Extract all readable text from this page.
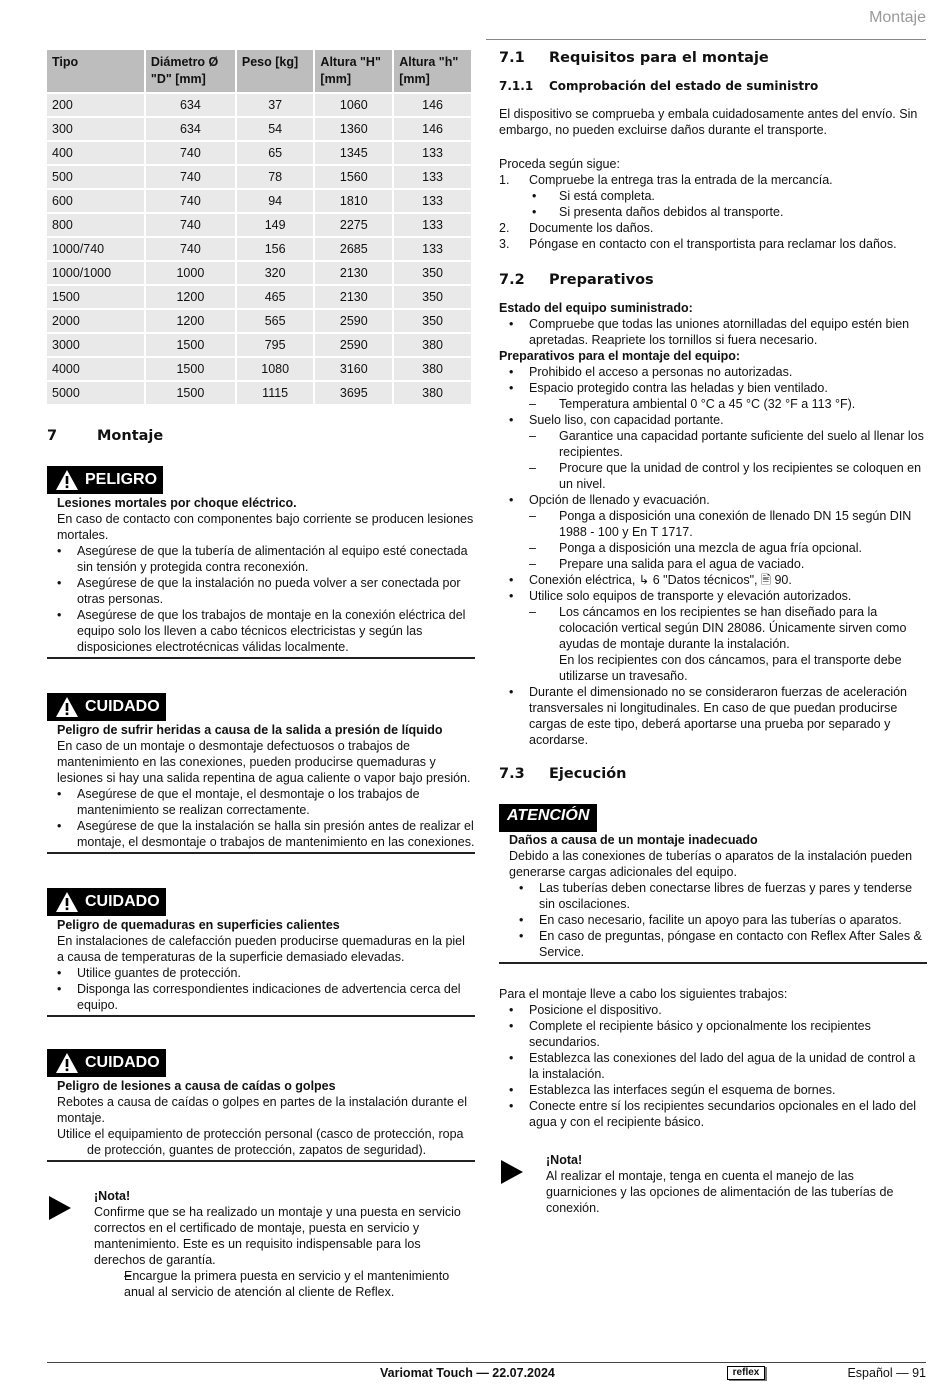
Montaje
Tipo	Diámetro Ø "D" [mm]	Peso [kg]	Altura "H" [mm]	Altura "h" [mm]
200	634	37	1060	146
300	634	54	1360	146
400	740	65	1345	133
500	740	78	1560	133
600	740	94	1810	133
800	740	149	2275	133
1000/740	740	156	2685	133
1000/1000	1000	320	2130	350
1500	1200	465	2130	350
2000	1200	565	2590	350
3000	1500	795	2590	380
4000	1500	1080	3160	380
5000	1500	1115	3695	380
7	Montaje
PELIGRO
Lesiones mortales por choque eléctrico.
En caso de contacto con componentes bajo corriente se producen lesiones mortales.
• Asegúrese de que la tubería de alimentación al equipo esté conectada sin tensión y protegida contra reconexión.
• Asegúrese de que la instalación no pueda volver a ser conectada por otras personas.
• Asegúrese de que los trabajos de montaje en la conexión eléctrica del equipo solo los lleven a cabo técnicos electricistas y según las disposiciones electrotécnicas válidas localmente.
CUIDADO
Peligro de sufrir heridas a causa de la salida a presión de líquido
En caso de un montaje o desmontaje defectuosos o trabajos de mantenimiento en las conexiones, pueden producirse quemaduras y lesiones si hay una salida repentina de agua caliente o vapor bajo presión.
• Asegúrese de que el montaje, el desmontaje o los trabajos de mantenimiento se realizan correctamente.
• Asegúrese de que la instalación se halla sin presión antes de realizar el montaje, el desmontaje o trabajos de mantenimiento en las conexiones.
CUIDADO
Peligro de quemaduras en superficies calientes
En instalaciones de calefacción pueden producirse quemaduras en la piel a causa de temperaturas de la superficie demasiado elevadas.
• Utilice guantes de protección.
• Disponga las correspondientes indicaciones de advertencia cerca del equipo.
CUIDADO
Peligro de lesiones a causa de caídas o golpes
Rebotes a causa de caídas o golpes en partes de la instalación durante el montaje.
Utilice el equipamiento de protección personal (casco de protección, ropa de protección, guantes de protección, zapatos de seguridad).
¡Nota!
Confirme que se ha realizado un montaje y una puesta en servicio correctos en el certificado de montaje, puesta en servicio y mantenimiento. Este es un requisito indispensable para los derechos de garantía.
– Encargue la primera puesta en servicio y el mantenimiento anual al servicio de atención al cliente de Reflex.
7.1	Requisitos para el montaje
7.1.1	Comprobación del estado de suministro

El dispositivo se comprueba y embala cuidadosamente antes del envío. Sin embargo, no pueden excluirse daños durante el transporte.

Proceda según sigue:

1. Compruebe la entrega tras la entrada de la mercancía.
• Si está completa.
• Si presenta daños debidos al transporte.
2. Documente los daños.
3. Póngase en contacto con el transportista para reclamar los daños.
7.2	Preparativos
Estado del equipo suministrado:
• Compruebe que todas las uniones atornilladas del equipo estén bien apretadas. Reapriete los tornillos si fuera necesario.
Preparativos para el montaje del equipo:
• Prohibido el acceso a personas no autorizadas.
• Espacio protegido contra las heladas y bien ventilado.
– Temperatura ambiental 0 °C a 45 °C (32 °F a 113 °F).
• Suelo liso, con capacidad portante.
– Garantice una capacidad portante suficiente del suelo al llenar los recipientes.
– Procure que la unidad de control y los recipientes se coloquen en un nivel.
• Opción de llenado y evacuación.
– Ponga a disposición una conexión de llenado DN 15 según DIN 1988 - 100 y En T 1717.
– Ponga a disposición una mezcla de agua fría opcional.
– Prepare una salida para el agua de vaciado.
• Conexión eléctrica, ↳ 6 "Datos técnicos", 🖹 90.
• Utilice solo equipos de transporte y elevación autorizados.
– Los cáncamos en los recipientes se han diseñado para la colocación vertical según DIN 28086. Únicamente sirven como ayudas de montaje durante la instalación.
En los recipientes con dos cáncamos, para el transporte debe utilizarse un travesaño.
• Durante el dimensionado no se consideraron fuerzas de aceleración transversales ni longitudinales. En caso de que puedan producirse cargas de este tipo, deberá aportarse una prueba por separado y acordarse.
7.3	Ejecución
ATENCIÓN
Daños a causa de un montaje inadecuado
Debido a las conexiones de tuberías o aparatos de la instalación pueden generarse cargas adicionales del equipo.
• Las tuberías deben conectarse libres de fuerzas y pares y tenderse sin oscilaciones.
• En caso necesario, facilite un apoyo para las tuberías o aparatos.
• En caso de preguntas, póngase en contacto con Reflex After Sales & Service.

Para el montaje lleve a cabo los siguientes trabajos:

• Posicione el dispositivo.
• Complete el recipiente básico y opcionalmente los recipientes secundarios.
• Establezca las conexiones del lado del agua de la unidad de control a la instalación.
• Establezca las interfaces según el esquema de bornes.
• Conecte entre sí los recipientes secundarios opcionales en el lado del agua y con el recipiente básico.
¡Nota!
Al realizar el montaje, tenga en cuenta el manejo de las guarniciones y las opciones de alimentación de las tuberías de conexión.
Variomat Touch — 22.07.2024	reflex	Español — 91
